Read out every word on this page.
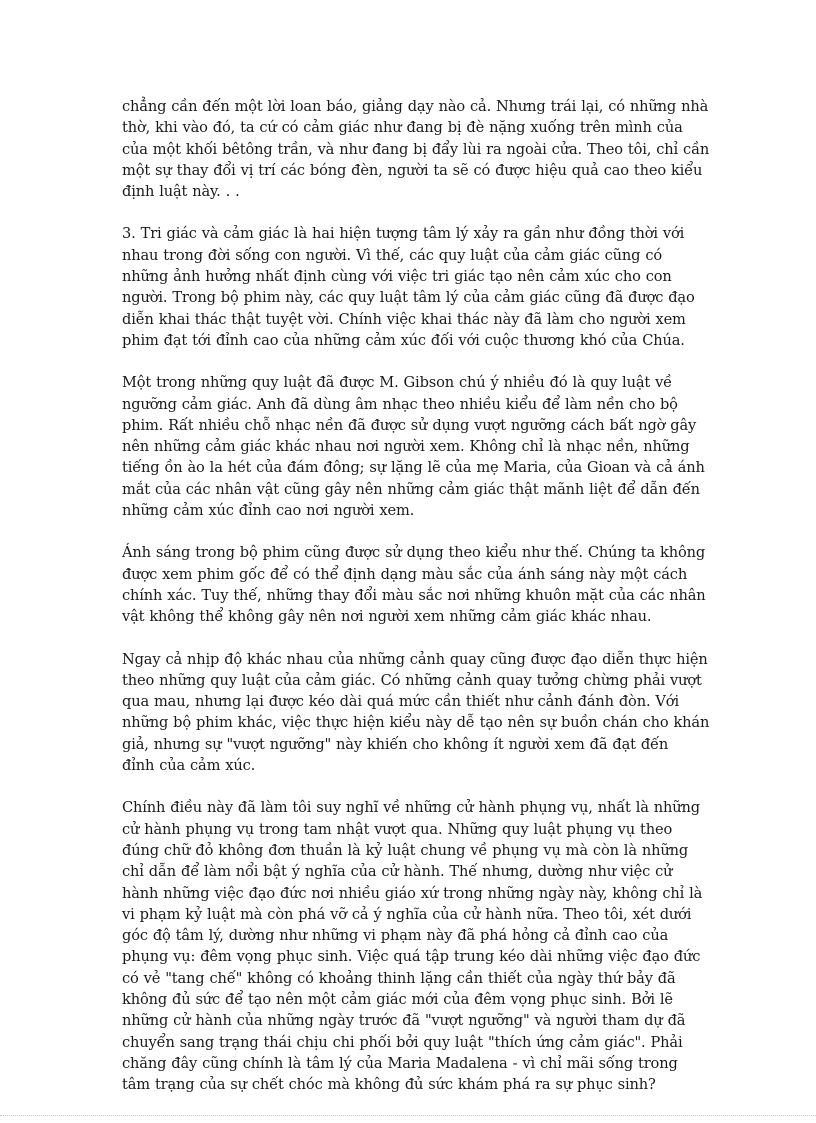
chẳng cần đến một lời loan báo, giảng dạy nào cả. Nhưng trái lại, có những nhà
thờ, khi vào đó, ta cứ có cảm giác như đang bị đè nặng xuống trên mình của
của một khối bêtông trần, và như đang bị đẩy lùi ra ngoài cửa. Theo tôi, chỉ cần
một sự thay đổi vị trí các bóng đèn, người ta sẽ có được hiệu quả cao theo kiểu
định luật này. . .

3. Tri giác và cảm giác là hai hiện tượng tâm lý xảy ra gần như đồng thời với
nhau trong đời sống con người. Vì thế, các quy luật của cảm giác cũng có
những ảnh hưởng nhất định cùng với việc tri giác tạo nên cảm xúc cho con
người. Trong bộ phim này, các quy luật tâm lý của cảm giác cũng đã được đạo
diễn khai thác thật tuyệt vời. Chính việc khai thác này đã làm cho người xem
phim đạt tới đỉnh cao của những cảm xúc đối với cuộc thương khó của Chúa.

Một trong những quy luật đã được M. Gibson chú ý nhiều đó là quy luật về
ngưỡng cảm giác. Anh đã dùng âm nhạc theo nhiều kiểu để làm nền cho bộ
phim. Rất nhiều chỗ nhạc nền đã được sử dụng vượt ngưỡng cách bất ngờ gây
nên những cảm giác khác nhau nơi người xem. Không chỉ là nhạc nền, những
tiếng ồn ào la hét của đám đông; sự lặng lẽ của mẹ Maria, của Gioan và cả ánh
mắt của các nhân vật cũng gây nên những cảm giác thật mãnh liệt để dẫn đến
những cảm xúc đỉnh cao nơi người xem.

Ánh sáng trong bộ phim cũng được sử dụng theo kiểu như thế. Chúng ta không
được xem phim gốc để có thể định dạng màu sắc của ánh sáng này một cách
chính xác. Tuy thế, những thay đổi màu sắc nơi những khuôn mặt của các nhân
vật không thể không gây nên nơi người xem những cảm giác khác nhau.

Ngay cả nhịp độ khác nhau của những cảnh quay cũng được đạo diễn thực hiện
theo những quy luật của cảm giác. Có những cảnh quay tưởng chừng phải vượt
qua mau, nhưng lại được kéo dài quá mức cần thiết như cảnh đánh đòn. Với
những bộ phim khác, việc thực hiện kiểu này dễ tạo nên sự buồn chán cho khán
giả, nhưng sự "vượt ngưỡng" này khiến cho không ít người xem đã đạt đến
đỉnh của cảm xúc.

Chính điều này đã làm tôi suy nghĩ về những cử hành phụng vụ, nhất là những
cử hành phụng vụ trong tam nhật vượt qua. Những quy luật phụng vụ theo
đúng chữ đỏ không đơn thuần là kỷ luật chung về phụng vụ mà còn là những
chỉ dẫn để làm nổi bật ý nghĩa của cử hành. Thế nhưng, dường như việc cử
hành những việc đạo đức nơi nhiều giáo xứ trong những ngày này, không chỉ là
vi phạm kỷ luật mà còn phá vỡ cả ý nghĩa của cử hành nữa. Theo tôi, xét dưới
góc độ tâm lý, dường như những vi phạm này đã phá hỏng cả đỉnh cao của
phụng vụ: đêm vọng phục sinh. Việc quá tập trung kéo dài những việc đạo đức
có vẻ "tang chế" không có khoảng thinh lặng cần thiết của ngày thứ bảy đã
không đủ sức để tạo nên một cảm giác mới của đêm vọng phục sinh. Bởi lẽ
những cử hành của những ngày trước đã "vượt ngưỡng" và người tham dự đã
chuyển sang trạng thái chịu chi phối bởi quy luật "thích ứng cảm giác". Phải
chăng đây cũng chính là tâm lý của Maria Madalena - vì chỉ mãi sống trong
tâm trạng của sự chết chóc mà không đủ sức khám phá ra sự phục sinh?
